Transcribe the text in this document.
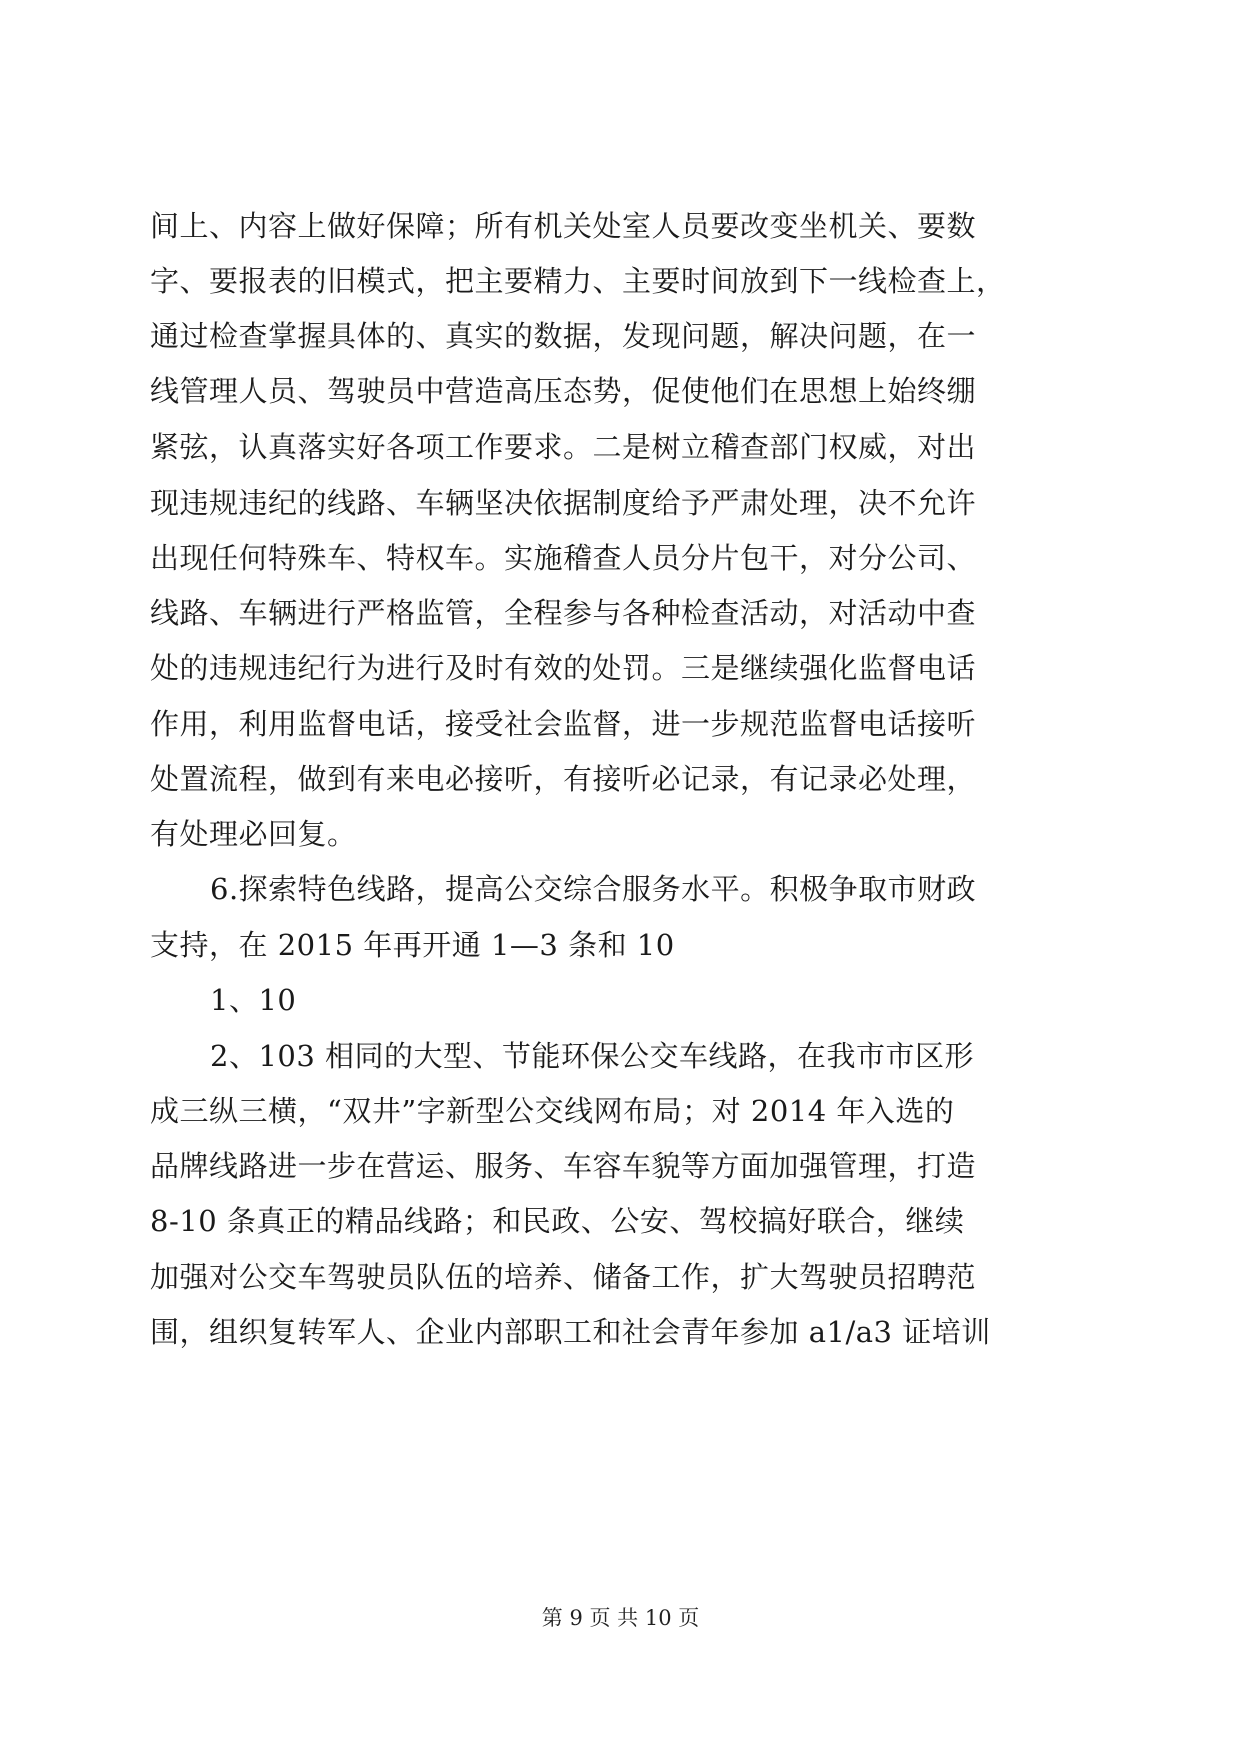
间上、内容上做好保障；所有机关处室人员要改变坐机关、要数
字、要报表的旧模式，把主要精力、主要时间放到下一线检查上，
通过检查掌握具体的、真实的数据，发现问题，解决问题，在一
线管理人员、驾驶员中营造高压态势，促使他们在思想上始终绷
紧弦，认真落实好各项工作要求。二是树立稽查部门权威，对出
现违规违纪的线路、车辆坚决依据制度给予严肃处理，决不允许
出现任何特殊车、特权车。实施稽查人员分片包干，对分公司、
线路、车辆进行严格监管，全程参与各种检查活动，对活动中查
处的违规违纪行为进行及时有效的处罚。三是继续强化监督电话
作用，利用监督电话，接受社会监督，进一步规范监督电话接听
处置流程，做到有来电必接听，有接听必记录，有记录必处理，
有处理必回复。
6.探索特色线路，提高公交综合服务水平。积极争取市财政
支持，在 2015 年再开通 1—3 条和 10
1、10
2、103 相同的大型、节能环保公交车线路，在我市市区形
成三纵三横，“双井”字新型公交线网布局；对 2014 年入选的
品牌线路进一步在营运、服务、车容车貌等方面加强管理，打造
8-10 条真正的精品线路；和民政、公安、驾校搞好联合，继续
加强对公交车驾驶员队伍的培养、储备工作，扩大驾驶员招聘范
围，组织复转军人、企业内部职工和社会青年参加 a1/a3 证培训
第 9 页 共 10 页
